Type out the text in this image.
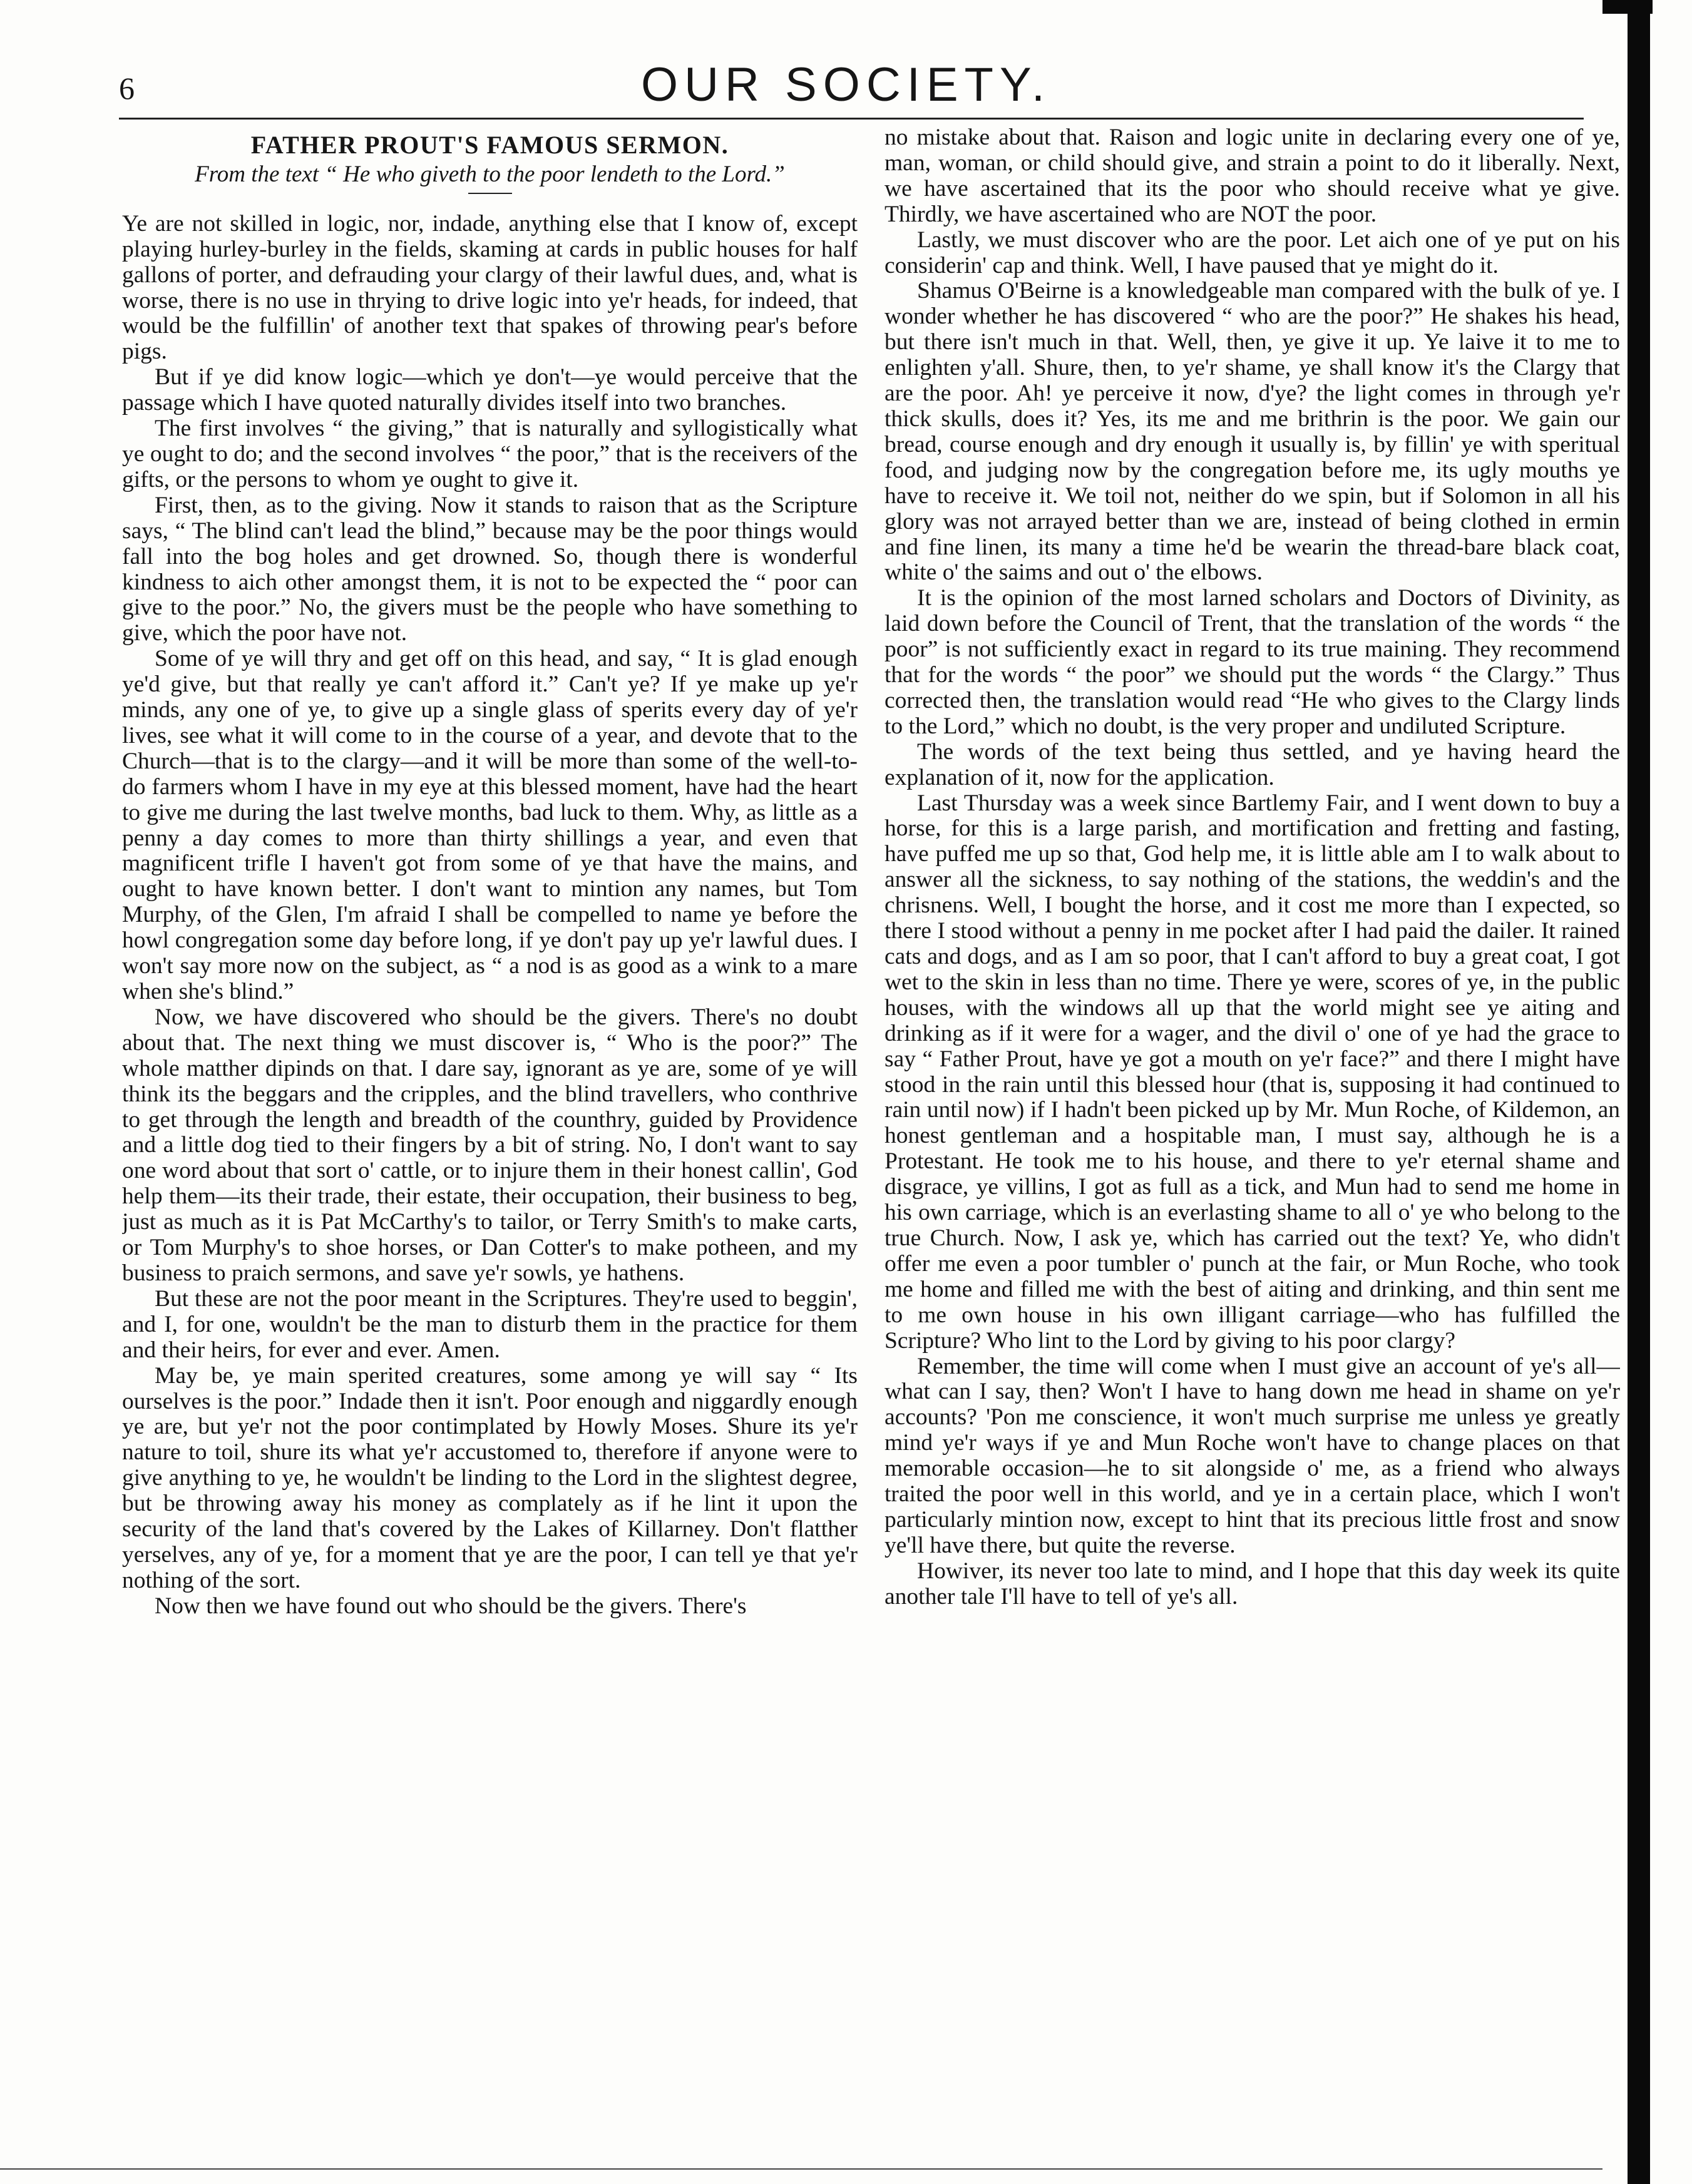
6	OUR SOCIETY.
FATHER PROUT'S FAMOUS SERMON.
From the text “ He who giveth to the poor lendeth to the Lord.”

Ye are not skilled in logic, nor, indade, anything else that I know of, except playing hurley-burley in the fields, skaming at cards in public houses for half gallons of porter, and defrauding your clargy of their lawful dues, and, what is worse, there is no use in thrying to drive logic into ye'r heads, for indeed, that would be the fulfillin' of another text that spakes of throwing pear's before pigs.

But if ye did know logic—which ye don't—ye would perceive that the passage which I have quoted naturally divides itself into two branches.

The first involves “ the giving,” that is naturally and syllogistically what ye ought to do; and the second involves “ the poor,” that is the receivers of the gifts, or the persons to whom ye ought to give it.

First, then, as to the giving. Now it stands to raison that as the Scripture says, “ The blind can't lead the blind,” because may be the poor things would fall into the bog holes and get drowned. So, though there is wonderful kindness to aich other amongst them, it is not to be expected the “ poor can give to the poor.” No, the givers must be the people who have something to give, which the poor have not.

Some of ye will thry and get off on this head, and say, “ It is glad enough ye'd give, but that really ye can't afford it.” Can't ye? If ye make up ye'r minds, any one of ye, to give up a single glass of sperits every day of ye'r lives, see what it will come to in the course of a year, and devote that to the Church—that is to the clargy—and it will be more than some of the well-to-do farmers whom I have in my eye at this blessed moment, have had the heart to give me during the last twelve months, bad luck to them. Why, as little as a penny a day comes to more than thirty shillings a year, and even that magnificent trifle I haven't got from some of ye that have the mains, and ought to have known better. I don't want to mintion any names, but Tom Murphy, of the Glen, I'm afraid I shall be compelled to name ye before the howl congregation some day before long, if ye don't pay up ye'r lawful dues. I won't say more now on the subject, as “ a nod is as good as a wink to a mare when she's blind.”

Now, we have discovered who should be the givers. There's no doubt about that. The next thing we must discover is, “ Who is the poor?” The whole matther dipinds on that. I dare say, ignorant as ye are, some of ye will think its the beggars and the cripples, and the blind travellers, who conthrive to get through the length and breadth of the counthry, guided by Providence and a little dog tied to their fingers by a bit of string. No, I don't want to say one word about that sort o' cattle, or to injure them in their honest callin', God help them—its their trade, their estate, their occupation, their business to beg, just as much as it is Pat McCarthy's to tailor, or Terry Smith's to make carts, or Tom Murphy's to shoe horses, or Dan Cotter's to make potheen, and my business to praich sermons, and save ye'r sowls, ye hathens.

But these are not the poor meant in the Scriptures. They're used to beggin', and I, for one, wouldn't be the man to disturb them in the practice for them and their heirs, for ever and ever. Amen.

May be, ye main sperited creatures, some among ye will say “ Its ourselves is the poor.” Indade then it isn't. Poor enough and niggardly enough ye are, but ye'r not the poor contimplated by Howly Moses. Shure its ye'r nature to toil, shure its what ye'r accustomed to, therefore if anyone were to give anything to ye, he wouldn't be linding to the Lord in the slightest degree, but be throwing away his money as complately as if he lint it upon the security of the land that's covered by the Lakes of Killarney. Don't flatther yerselves, any of ye, for a moment that ye are the poor, I can tell ye that ye'r nothing of the sort.

Now then we have found out who should be the givers. There's

no mistake about that. Raison and logic unite in declaring every one of ye, man, woman, or child should give, and strain a point to do it liberally. Next, we have ascertained that its the poor who should receive what ye give. Thirdly, we have ascertained who are NOT the poor.

Lastly, we must discover who are the poor. Let aich one of ye put on his considerin' cap and think. Well, I have paused that ye might do it.

Shamus O'Beirne is a knowledgeable man compared with the bulk of ye. I wonder whether he has discovered “ who are the poor?” He shakes his head, but there isn't much in that. Well, then, ye give it up. Ye laive it to me to enlighten y'all. Shure, then, to ye'r shame, ye shall know it's the Clargy that are the poor. Ah! ye perceive it now, d'ye? the light comes in through ye'r thick skulls, does it? Yes, its me and me brithrin is the poor. We gain our bread, course enough and dry enough it usually is, by fillin' ye with speritual food, and judging now by the congregation before me, its ugly mouths ye have to receive it. We toil not, neither do we spin, but if Solomon in all his glory was not arrayed better than we are, instead of being clothed in ermin and fine linen, its many a time he'd be wearin the thread-bare black coat, white o' the saims and out o' the elbows.

It is the opinion of the most larned scholars and Doctors of Divinity, as laid down before the Council of Trent, that the translation of the words “ the poor” is not sufficiently exact in regard to its true maining. They recommend that for the words “ the poor” we should put the words “ the Clargy.” Thus corrected then, the translation would read “He who gives to the Clargy linds to the Lord,” which no doubt, is the very proper and undiluted Scripture.

The words of the text being thus settled, and ye having heard the explanation of it, now for the application.

Last Thursday was a week since Bartlemy Fair, and I went down to buy a horse, for this is a large parish, and mortification and fretting and fasting, have puffed me up so that, God help me, it is little able am I to walk about to answer all the sickness, to say nothing of the stations, the weddin's and the chrisnens. Well, I bought the horse, and it cost me more than I expected, so there I stood without a penny in me pocket after I had paid the dailer. It rained cats and dogs, and as I am so poor, that I can't afford to buy a great coat, I got wet to the skin in less than no time. There ye were, scores of ye, in the public houses, with the windows all up that the world might see ye aiting and drinking as if it were for a wager, and the divil o' one of ye had the grace to say “ Father Prout, have ye got a mouth on ye'r face?” and there I might have stood in the rain until this blessed hour (that is, supposing it had continued to rain until now) if I hadn't been picked up by Mr. Mun Roche, of Kildemon, an honest gentleman and a hospitable man, I must say, although he is a Protestant. He took me to his house, and there to ye'r eternal shame and disgrace, ye villins, I got as full as a tick, and Mun had to send me home in his own carriage, which is an everlasting shame to all o' ye who belong to the true Church. Now, I ask ye, which has carried out the text? Ye, who didn't offer me even a poor tumbler o' punch at the fair, or Mun Roche, who took me home and filled me with the best of aiting and drinking, and thin sent me to me own house in his own illigant carriage—who has fulfilled the Scripture? Who lint to the Lord by giving to his poor clargy?

Remember, the time will come when I must give an account of ye's all—what can I say, then? Won't I have to hang down me head in shame on ye'r accounts? 'Pon me conscience, it won't much surprise me unless ye greatly mind ye'r ways if ye and Mun Roche won't have to change places on that memorable occasion—he to sit alongside o' me, as a friend who always traited the poor well in this world, and ye in a certain place, which I won't particularly mintion now, except to hint that its precious little frost and snow ye'll have there, but quite the reverse.

Howiver, its never too late to mind, and I hope that this day week its quite another tale I'll have to tell of ye's all.
